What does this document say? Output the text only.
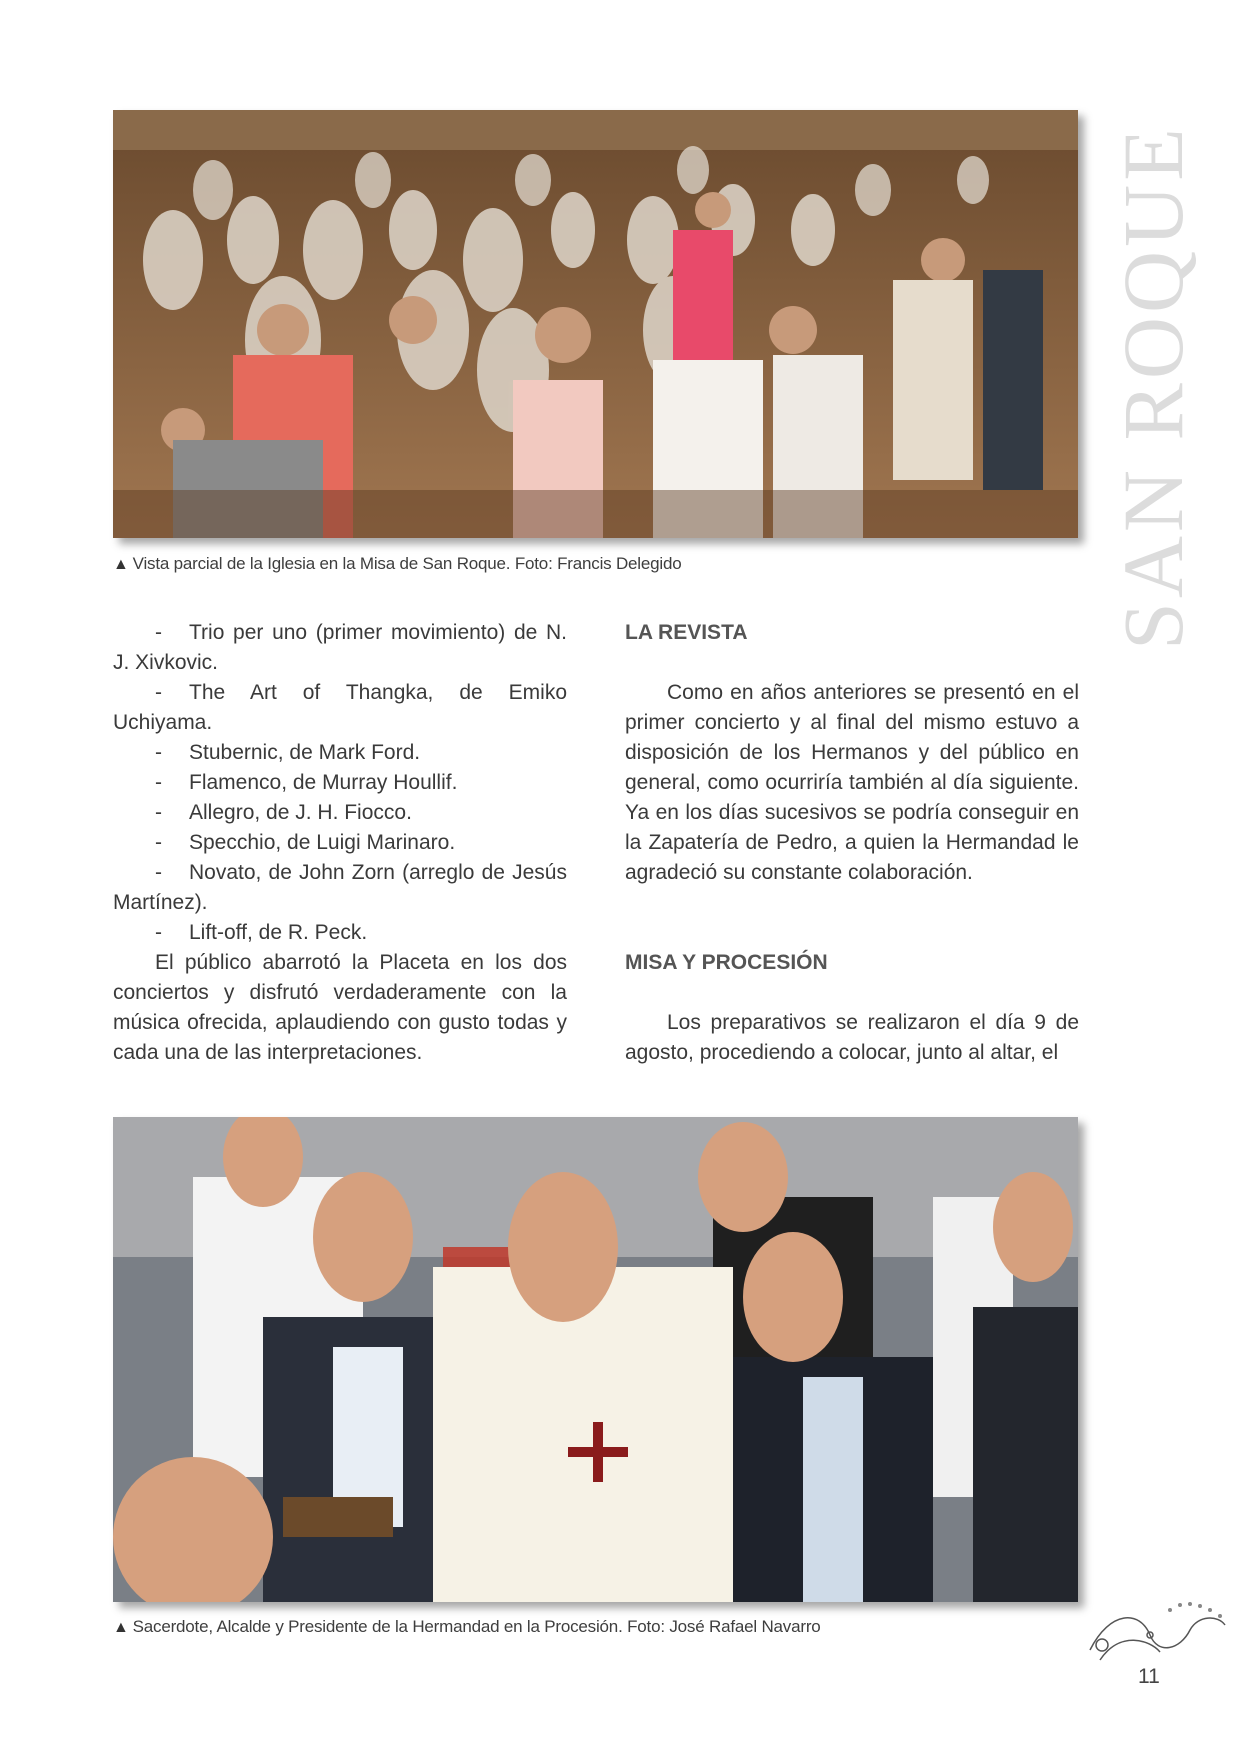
▲ Vista parcial de la Iglesia en la Misa de San Roque. Foto: Francis Delegido	SAN ROQUE

- Trio per uno (primer movimiento) de N. J. Xivkovic.

- The Art of Thangka, de Emiko Uchiyama.

- Stubernic, de Mark Ford.

- Flamenco, de Murray Houllif.

- Allegro, de J. H. Fiocco.

- Specchio, de Luigi Marinaro.

- Novato, de John Zorn (arreglo de Jesús Martínez).

- Lift-off, de R. Peck.

El público abarrotó la Placeta en los dos conciertos y disfrutó verdaderamente con la música ofrecida, aplaudiendo con gusto todas y cada una de las interpretaciones.

LA REVISTA

Como en años anteriores se presentó en el primer concierto y al final del mismo estuvo a disposición de los Hermanos y del público en general, como ocurriría también al día siguiente. Ya en los días sucesivos se podría conseguir en la Zapatería de Pedro, a quien la Hermandad le agradeció su constante colaboración.

MISA Y PROCESIÓN

Los preparativos se realizaron el día 9 de agosto, procediendo a colocar, junto al altar, el

▲ Sacerdote, Alcalde y Presidente de la Hermandad en la Procesión. Foto: José Rafael Navarro
11
